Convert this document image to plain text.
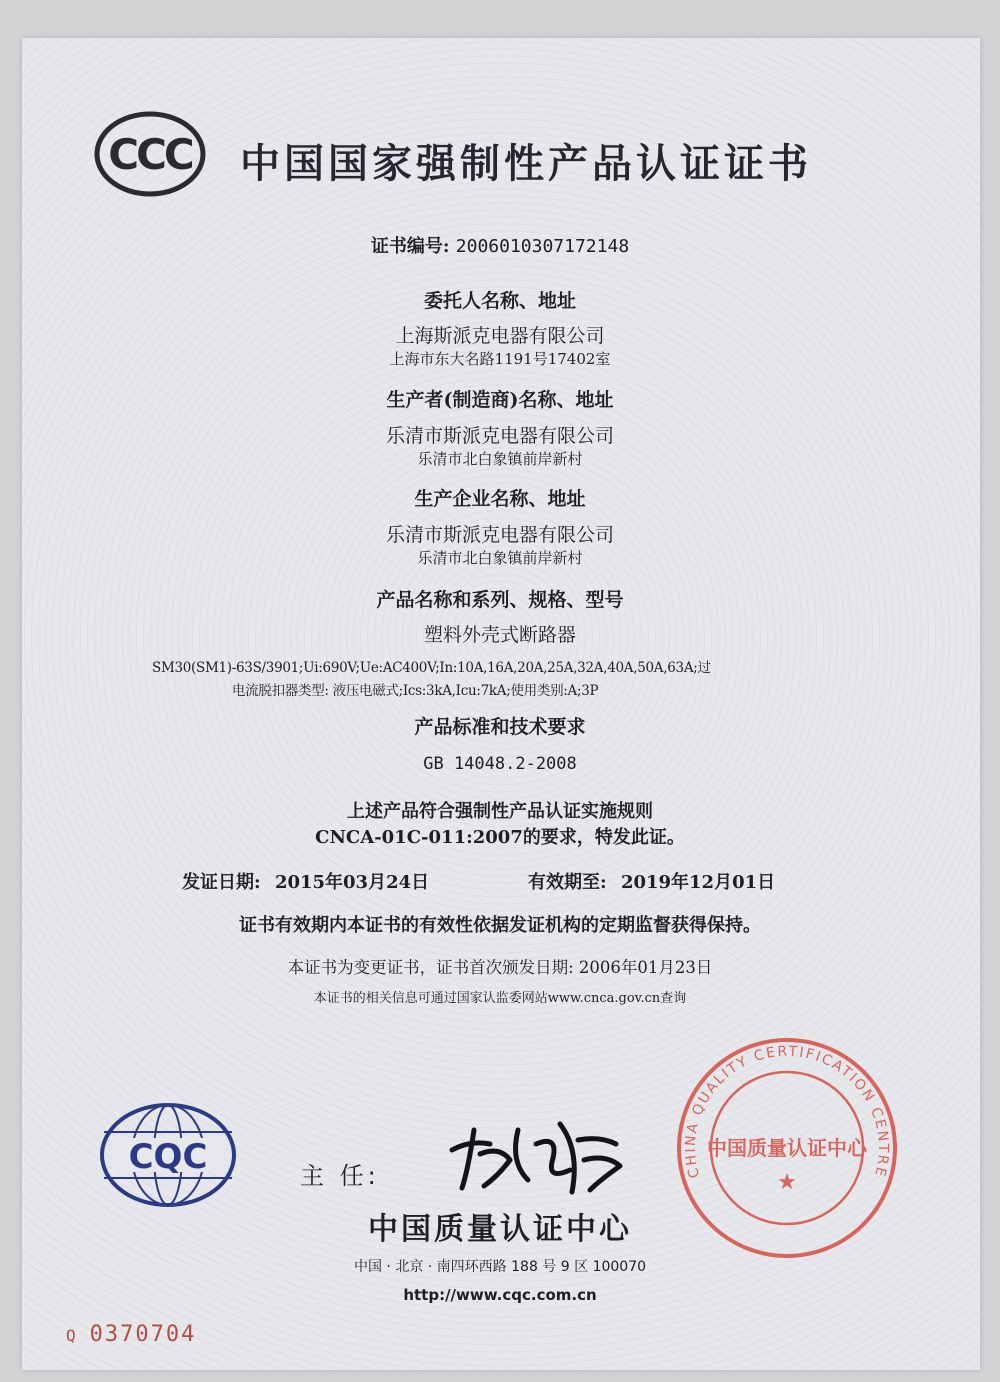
CCC 中国国家强制性产品认证证书
证书编号: 2006010307172148
委托人名称、地址
上海斯派克电器有限公司
上海市东大名路1191号17402室
生产者(制造商)名称、地址
乐清市斯派克电器有限公司
乐清市北白象镇前岸新村
生产企业名称、地址
乐清市斯派克电器有限公司
乐清市北白象镇前岸新村
产品名称和系列、规格、型号
塑料外壳式断路器
SM30(SM1)-63S/3901;Ui:690V;Ue:AC400V;In:10A,16A,20A,25A,32A,40A,50A,63A;过
电流脱扣器类型: 液压电磁式;Ics:3kA,Icu:7kA;使用类别:A;3P
产品标准和技术要求
GB 14048.2-2008
上述产品符合强制性产品认证实施规则
CNCA-01C-011:2007的要求，特发此证。
发证日期: 2015年03月24日	有效期至: 2019年12月01日
证书有效期内本证书的有效性依据发证机构的定期监督获得保持。
本证书为变更证书，证书首次颁发日期: 2006年01月23日
本证书的相关信息可通过国家认监委网站www.cnca.gov.cn查询
CQC	主 任:
中国质量认证中心
中国 · 北京 · 南四环西路 188 号 9 区 100070
http://www.cqc.com.cn
CHINA QUALITY CERTIFICATION CENTRE
中国质量认证中心
★
Q 0370704
